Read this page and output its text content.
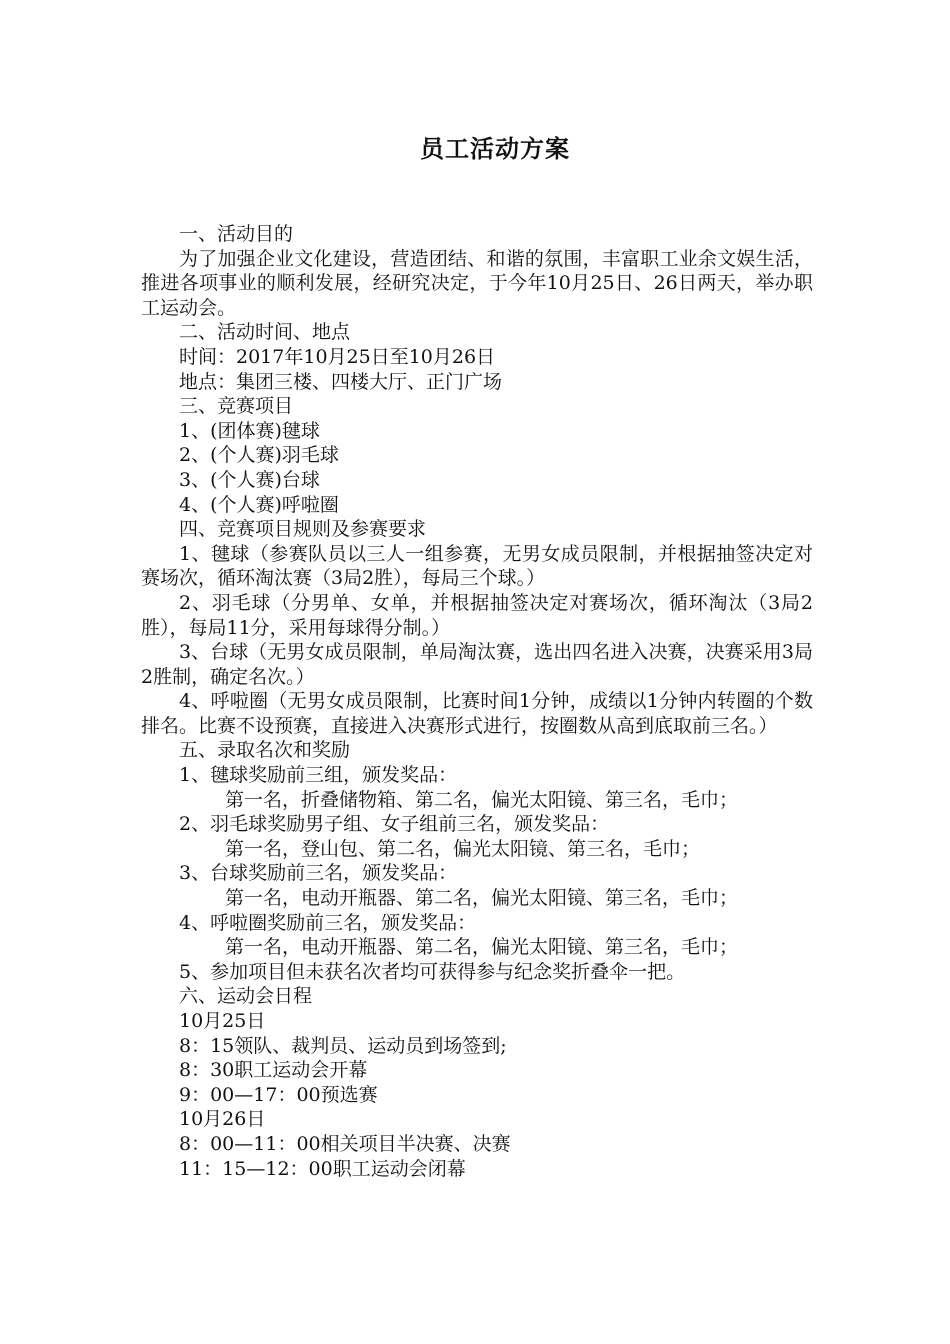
员工活动方案

一、活动目的

为了加强企业文化建设，营造团结、和谐的氛围，丰富职工业余文娱生活，推进各项事业的顺利发展，经研究决定，于今年10月25日、26日两天，举办职工运动会。

二、活动时间、地点

时间：2017年10月25日至10月26日

地点：集团三楼、四楼大厅、正门广场

三、竞赛项目

1、(团体赛)毽球

2、(个人赛)羽毛球

3、(个人赛)台球

4、(个人赛)呼啦圈

四、竞赛项目规则及参赛要求

1、毽球（参赛队员以三人一组参赛，无男女成员限制，并根据抽签决定对赛场次，循环淘汰赛（3局2胜），每局三个球。）

2、羽毛球（分男单、女单，并根据抽签决定对赛场次，循环淘汰（3局2胜），每局11分，采用每球得分制。）

3、台球（无男女成员限制，单局淘汰赛，选出四名进入决赛，决赛采用3局2胜制，确定名次。）

4、呼啦圈（无男女成员限制，比赛时间1分钟，成绩以1分钟内转圈的个数排名。比赛不设预赛，直接进入决赛形式进行，按圈数从高到底取前三名。）

五、录取名次和奖励

1、毽球奖励前三组，颁发奖品：

第一名，折叠储物箱、第二名，偏光太阳镜、第三名，毛巾；

2、羽毛球奖励男子组、女子组前三名，颁发奖品：

第一名，登山包、第二名，偏光太阳镜、第三名，毛巾；

3、台球奖励前三名，颁发奖品：

第一名，电动开瓶器、第二名，偏光太阳镜、第三名，毛巾；

4、呼啦圈奖励前三名，颁发奖品：

第一名，电动开瓶器、第二名，偏光太阳镜、第三名，毛巾；

5、参加项目但未获名次者均可获得参与纪念奖折叠伞一把。

六、运动会日程

10月25日

8：15领队、裁判员、运动员到场签到;

8：30职工运动会开幕

9：00—17：00预选赛

10月26日

8：00—11：00相关项目半决赛、决赛

11：15—12：00职工运动会闭幕
